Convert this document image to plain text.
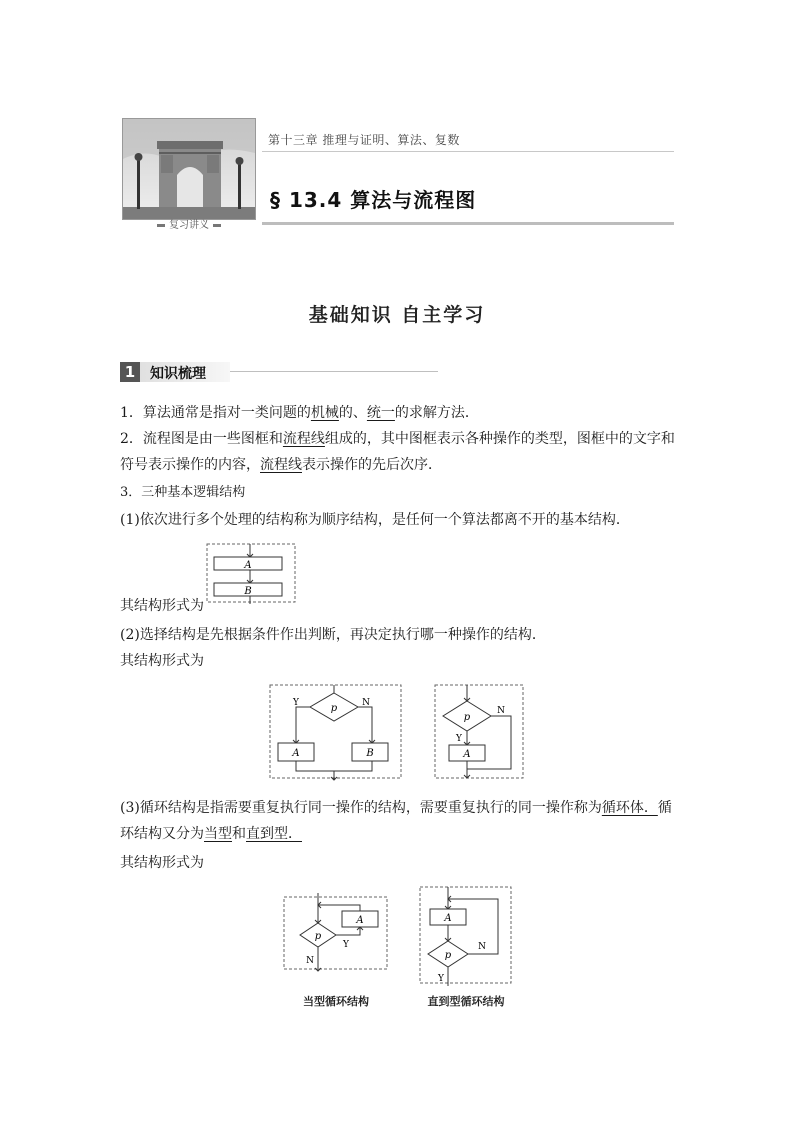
复习讲义
第十三章 推理与证明、算法、复数
§ 13.4 算法与流程图
基础知识 自主学习
1	知识梳理
1．算法通常是指对一类问题的机械的、统一的求解方法．
2．流程图是由一些图框和流程线组成的，其中图框表示各种操作的类型，图框中的文字和
符号表示操作的内容，流程线表示操作的先后次序．
3．三种基本逻辑结构
(1)依次进行多个处理的结构称为顺序结构，是任何一个算法都离不开的基本结构．
A
B
其结构形式为
(2)选择结构是先根据条件作出判断，再决定执行哪一种操作的结构．
其结构形式为
p
Y	N
A	B
p
Y
A
N
(3)循环结构是指需要重复执行同一操作的结构，需要重复执行的同一操作称为循环体．循
环结构又分为当型和直到型．
其结构形式为
A
p
Y
N
当型循环结构
A
p
N
Y
直到型循环结构
